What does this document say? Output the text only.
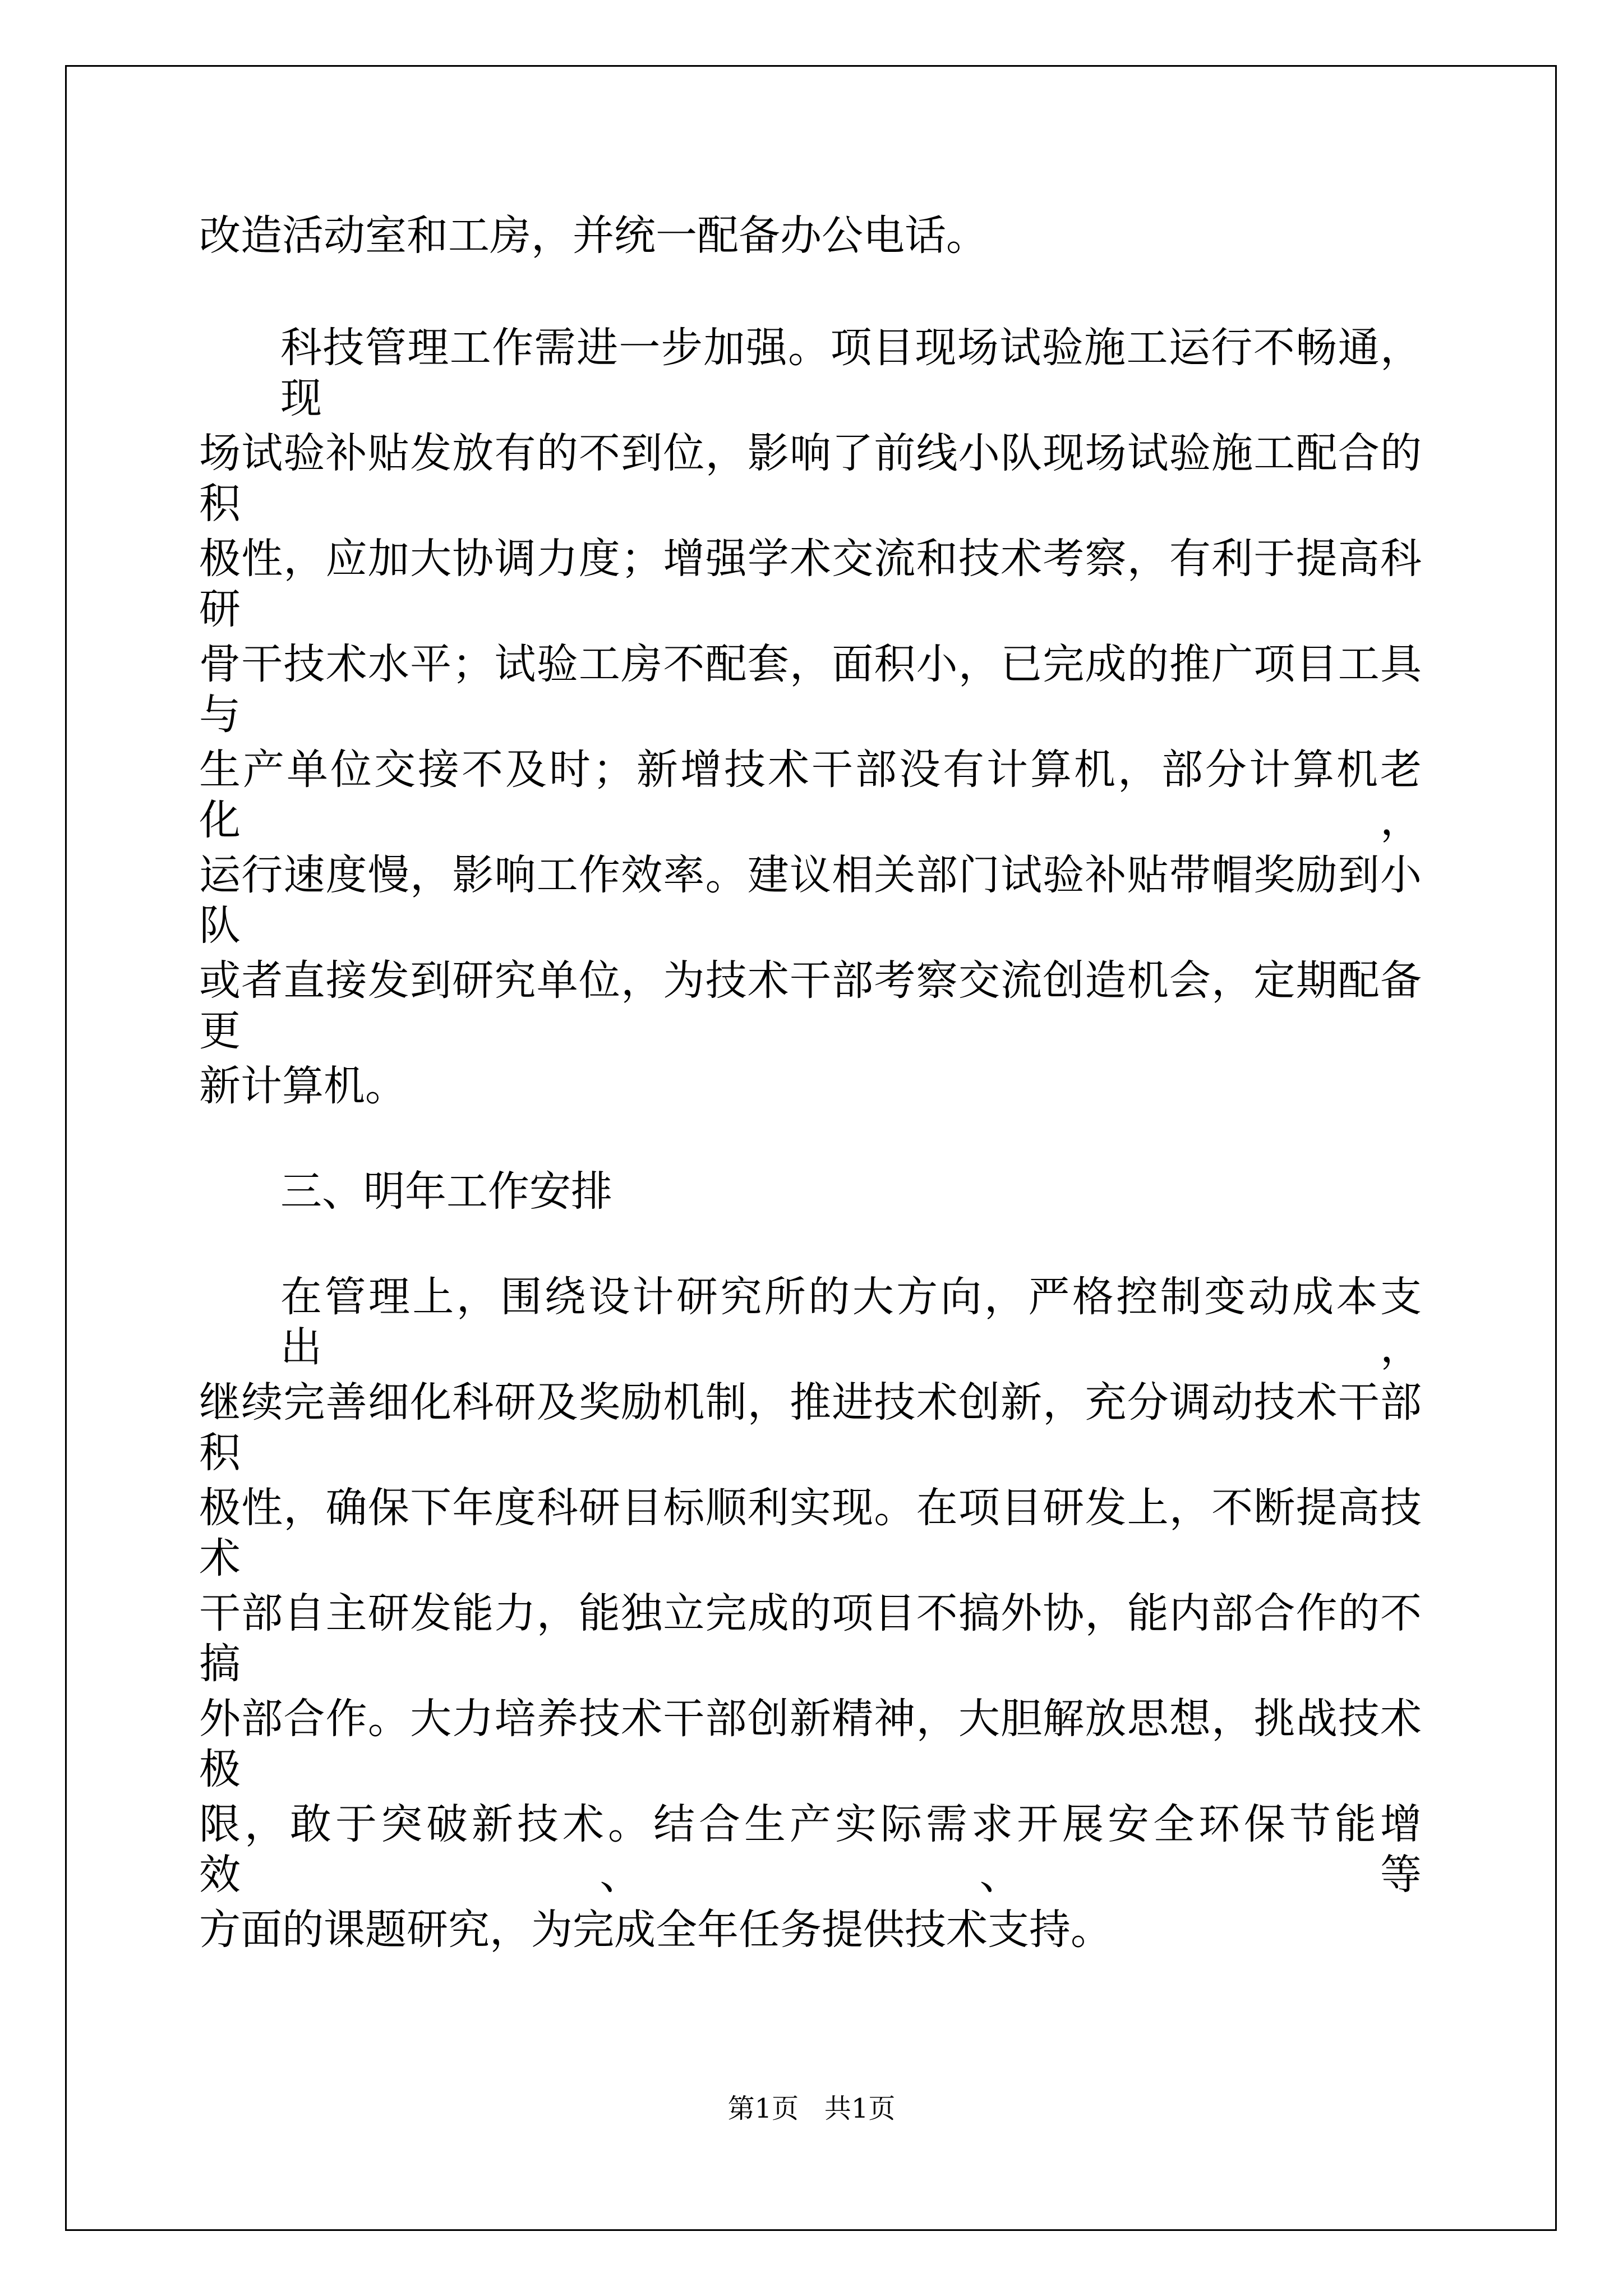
改造活动室和工房，并统一配备办公电话。
科技管理工作需进一步加强。项目现场试验施工运行不畅通，现
场试验补贴发放有的不到位，影响了前线小队现场试验施工配合的积
极性，应加大协调力度；增强学术交流和技术考察，有利于提高科研
骨干技术水平；试验工房不配套，面积小，已完成的推广项目工具与
生产单位交接不及时；新增技术干部没有计算机，部分计算机老化，
运行速度慢，影响工作效率。建议相关部门试验补贴带帽奖励到小队
或者直接发到研究单位，为技术干部考察交流创造机会，定期配备更
新计算机。
三、明年工作安排
在管理上，围绕设计研究所的大方向，严格控制变动成本支出，
继续完善细化科研及奖励机制，推进技术创新，充分调动技术干部积
极性，确保下年度科研目标顺利实现。在项目研发上，不断提高技术
干部自主研发能力，能独立完成的项目不搞外协，能内部合作的不搞
外部合作。大力培养技术干部创新精神，大胆解放思想，挑战技术极
限，敢于突破新技术。结合生产实际需求开展安全环保节能增效、、等
方面的课题研究，为完成全年任务提供技术支持。
第1页   共1页
